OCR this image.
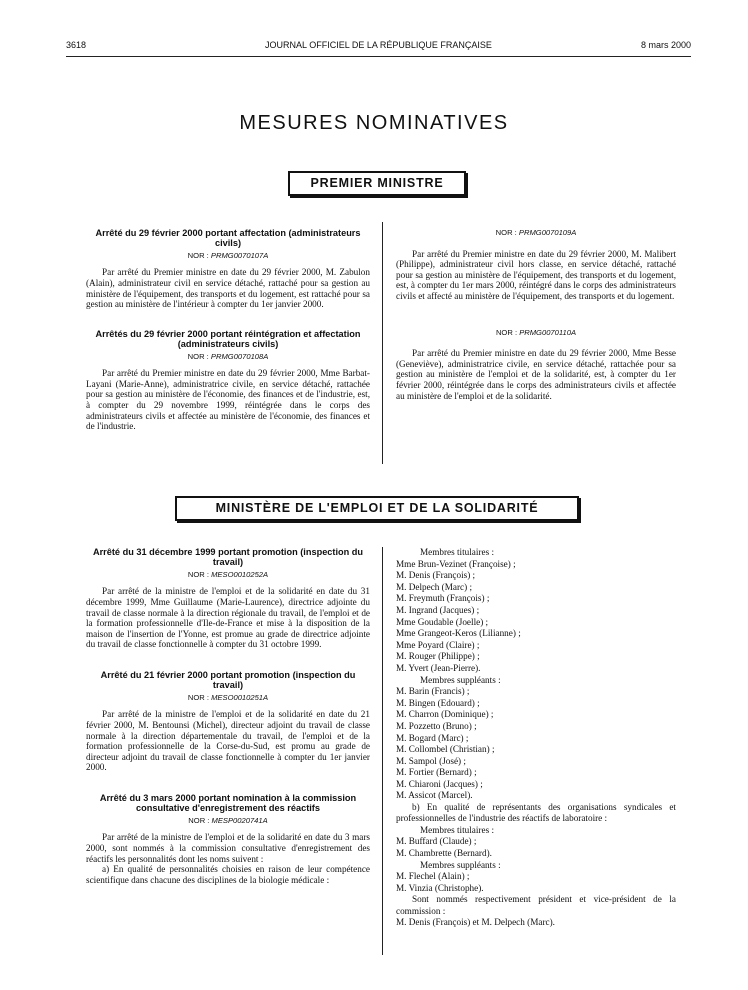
3618	JOURNAL OFFICIEL DE LA RÉPUBLIQUE FRANÇAISE	8 mars 2000
MESURES NOMINATIVES
PREMIER MINISTRE
Arrêté du 29 février 2000 portant affectation (administrateurs civils)
NOR : PRMG0070107A

Par arrêté du Premier ministre en date du 29 février 2000, M. Zabulon (Alain), administrateur civil en service détaché, rattaché pour sa gestion au ministère de l'équipement, des transports et du logement, est rattaché pour sa gestion au ministère de l'intérieur à compter du 1er janvier 2000.

Arrêtés du 29 février 2000 portant réintégration et affectation (administrateurs civils)
NOR : PRMG0070108A

Par arrêté du Premier ministre en date du 29 février 2000, Mme Barbat-Layani (Marie-Anne), administratrice civile, en service détaché, rattachée pour sa gestion au ministère de l'économie, des finances et de l'industrie, est, à compter du 29 novembre 1999, réintégrée dans le corps des administrateurs civils et affectée au ministère de l'économie, des finances et de l'industrie.

NOR : PRMG0070109A

Par arrêté du Premier ministre en date du 29 février 2000, M. Malibert (Philippe), administrateur civil hors classe, en service détaché, rattaché pour sa gestion au ministère de l'équipement, des transports et du logement, est, à compter du 1er mars 2000, réintégré dans le corps des administrateurs civils et affecté au ministère de l'équipement, des transports et du logement.

NOR : PRMG0070110A

Par arrêté du Premier ministre en date du 29 février 2000, Mme Besse (Geneviève), administratrice civile, en service détaché, rattachée pour sa gestion au ministère de l'emploi et de la solidarité, est, à compter du 1er février 2000, réintégrée dans le corps des administrateurs civils et affectée au ministère de l'emploi et de la solidarité.

MINISTÈRE DE L'EMPLOI ET DE LA SOLIDARITÉ
Arrêté du 31 décembre 1999 portant promotion (inspection du travail)
NOR : MESO0010252A

Par arrêté de la ministre de l'emploi et de la solidarité en date du 31 décembre 1999, Mme Guillaume (Marie-Laurence), directrice adjointe du travail de classe normale à la direction régionale du travail, de l'emploi et de la formation professionnelle d'Ile-de-France et mise à la disposition de la maison de l'insertion de l'Yonne, est promue au grade de directrice adjointe du travail de classe fonctionnelle à compter du 31 octobre 1999.

Arrêté du 21 février 2000 portant promotion (inspection du travail)
NOR : MESO0010251A

Par arrêté de la ministre de l'emploi et de la solidarité en date du 21 février 2000, M. Bentounsi (Michel), directeur adjoint du travail de classe normale à la direction départementale du travail, de l'emploi et de la formation professionnelle de la Corse-du-Sud, est promu au grade de directeur adjoint du travail de classe fonctionnelle à compter du 1er janvier 2000.

Arrêté du 3 mars 2000 portant nomination à la commission consultative d'enregistrement des réactifs
NOR : MESP0020741A

Par arrêté de la ministre de l'emploi et de la solidarité en date du 3 mars 2000, sont nommés à la commission consultative d'enregistrement des réactifs les personnalités dont les noms suivent :

a) En qualité de personnalités choisies en raison de leur compétence scientifique dans chacune des disciplines de la biologie médicale :

Membres titulaires :
Mme Brun-Vezinet (Françoise) ;
M. Denis (François) ;
M. Delpech (Marc) ;
M. Freymuth (François) ;
M. Ingrand (Jacques) ;
Mme Goudable (Joelle) ;
Mme Grangeot-Keros (Lilianne) ;
Mme Poyard (Claire) ;
M. Rouger (Philippe) ;
M. Yvert (Jean-Pierre).
Membres suppléants :
M. Barin (Francis) ;
M. Bingen (Edouard) ;
M. Charron (Dominique) ;
M. Pozzetto (Bruno) ;
M. Bogard (Marc) ;
M. Collombel (Christian) ;
M. Sampol (José) ;
M. Fortier (Bernard) ;
M. Chiaroni (Jacques) ;
M. Assicot (Marcel).

b) En qualité de représentants des organisations syndicales et professionnelles de l'industrie des réactifs de laboratoire :

Membres titulaires :
M. Buffard (Claude) ;
M. Chambrette (Bernard).
Membres suppléants :
M. Flechel (Alain) ;
M. Vinzia (Christophe).

Sont nommés respectivement président et vice-président de la commission :

M. Denis (François) et M. Delpech (Marc).
